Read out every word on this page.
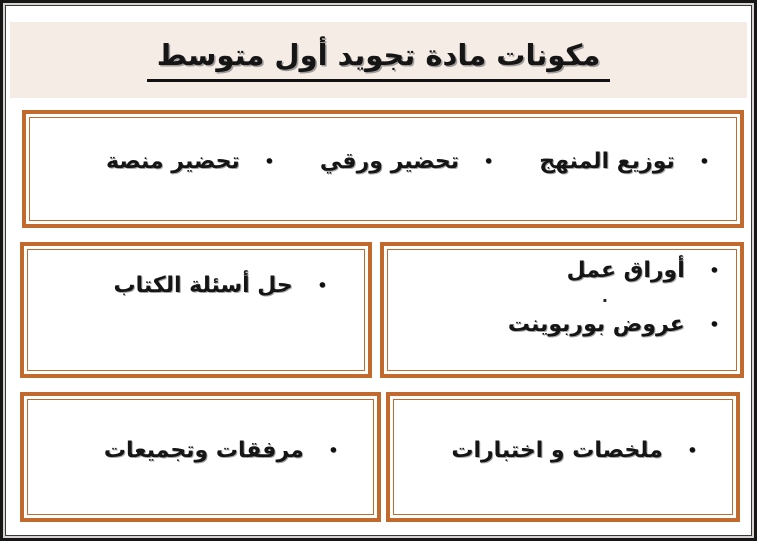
مكونات مادة تجويد أول متوسط
•
توزيع المنهج
•
تحضير ورقي
•
تحضير منصة
•
أوراق عمل
.
•
عروض بوربوينت
•
حل أسئلة الكتاب
•
ملخصات و اختبارات
•
مرفقات وتجميعات
